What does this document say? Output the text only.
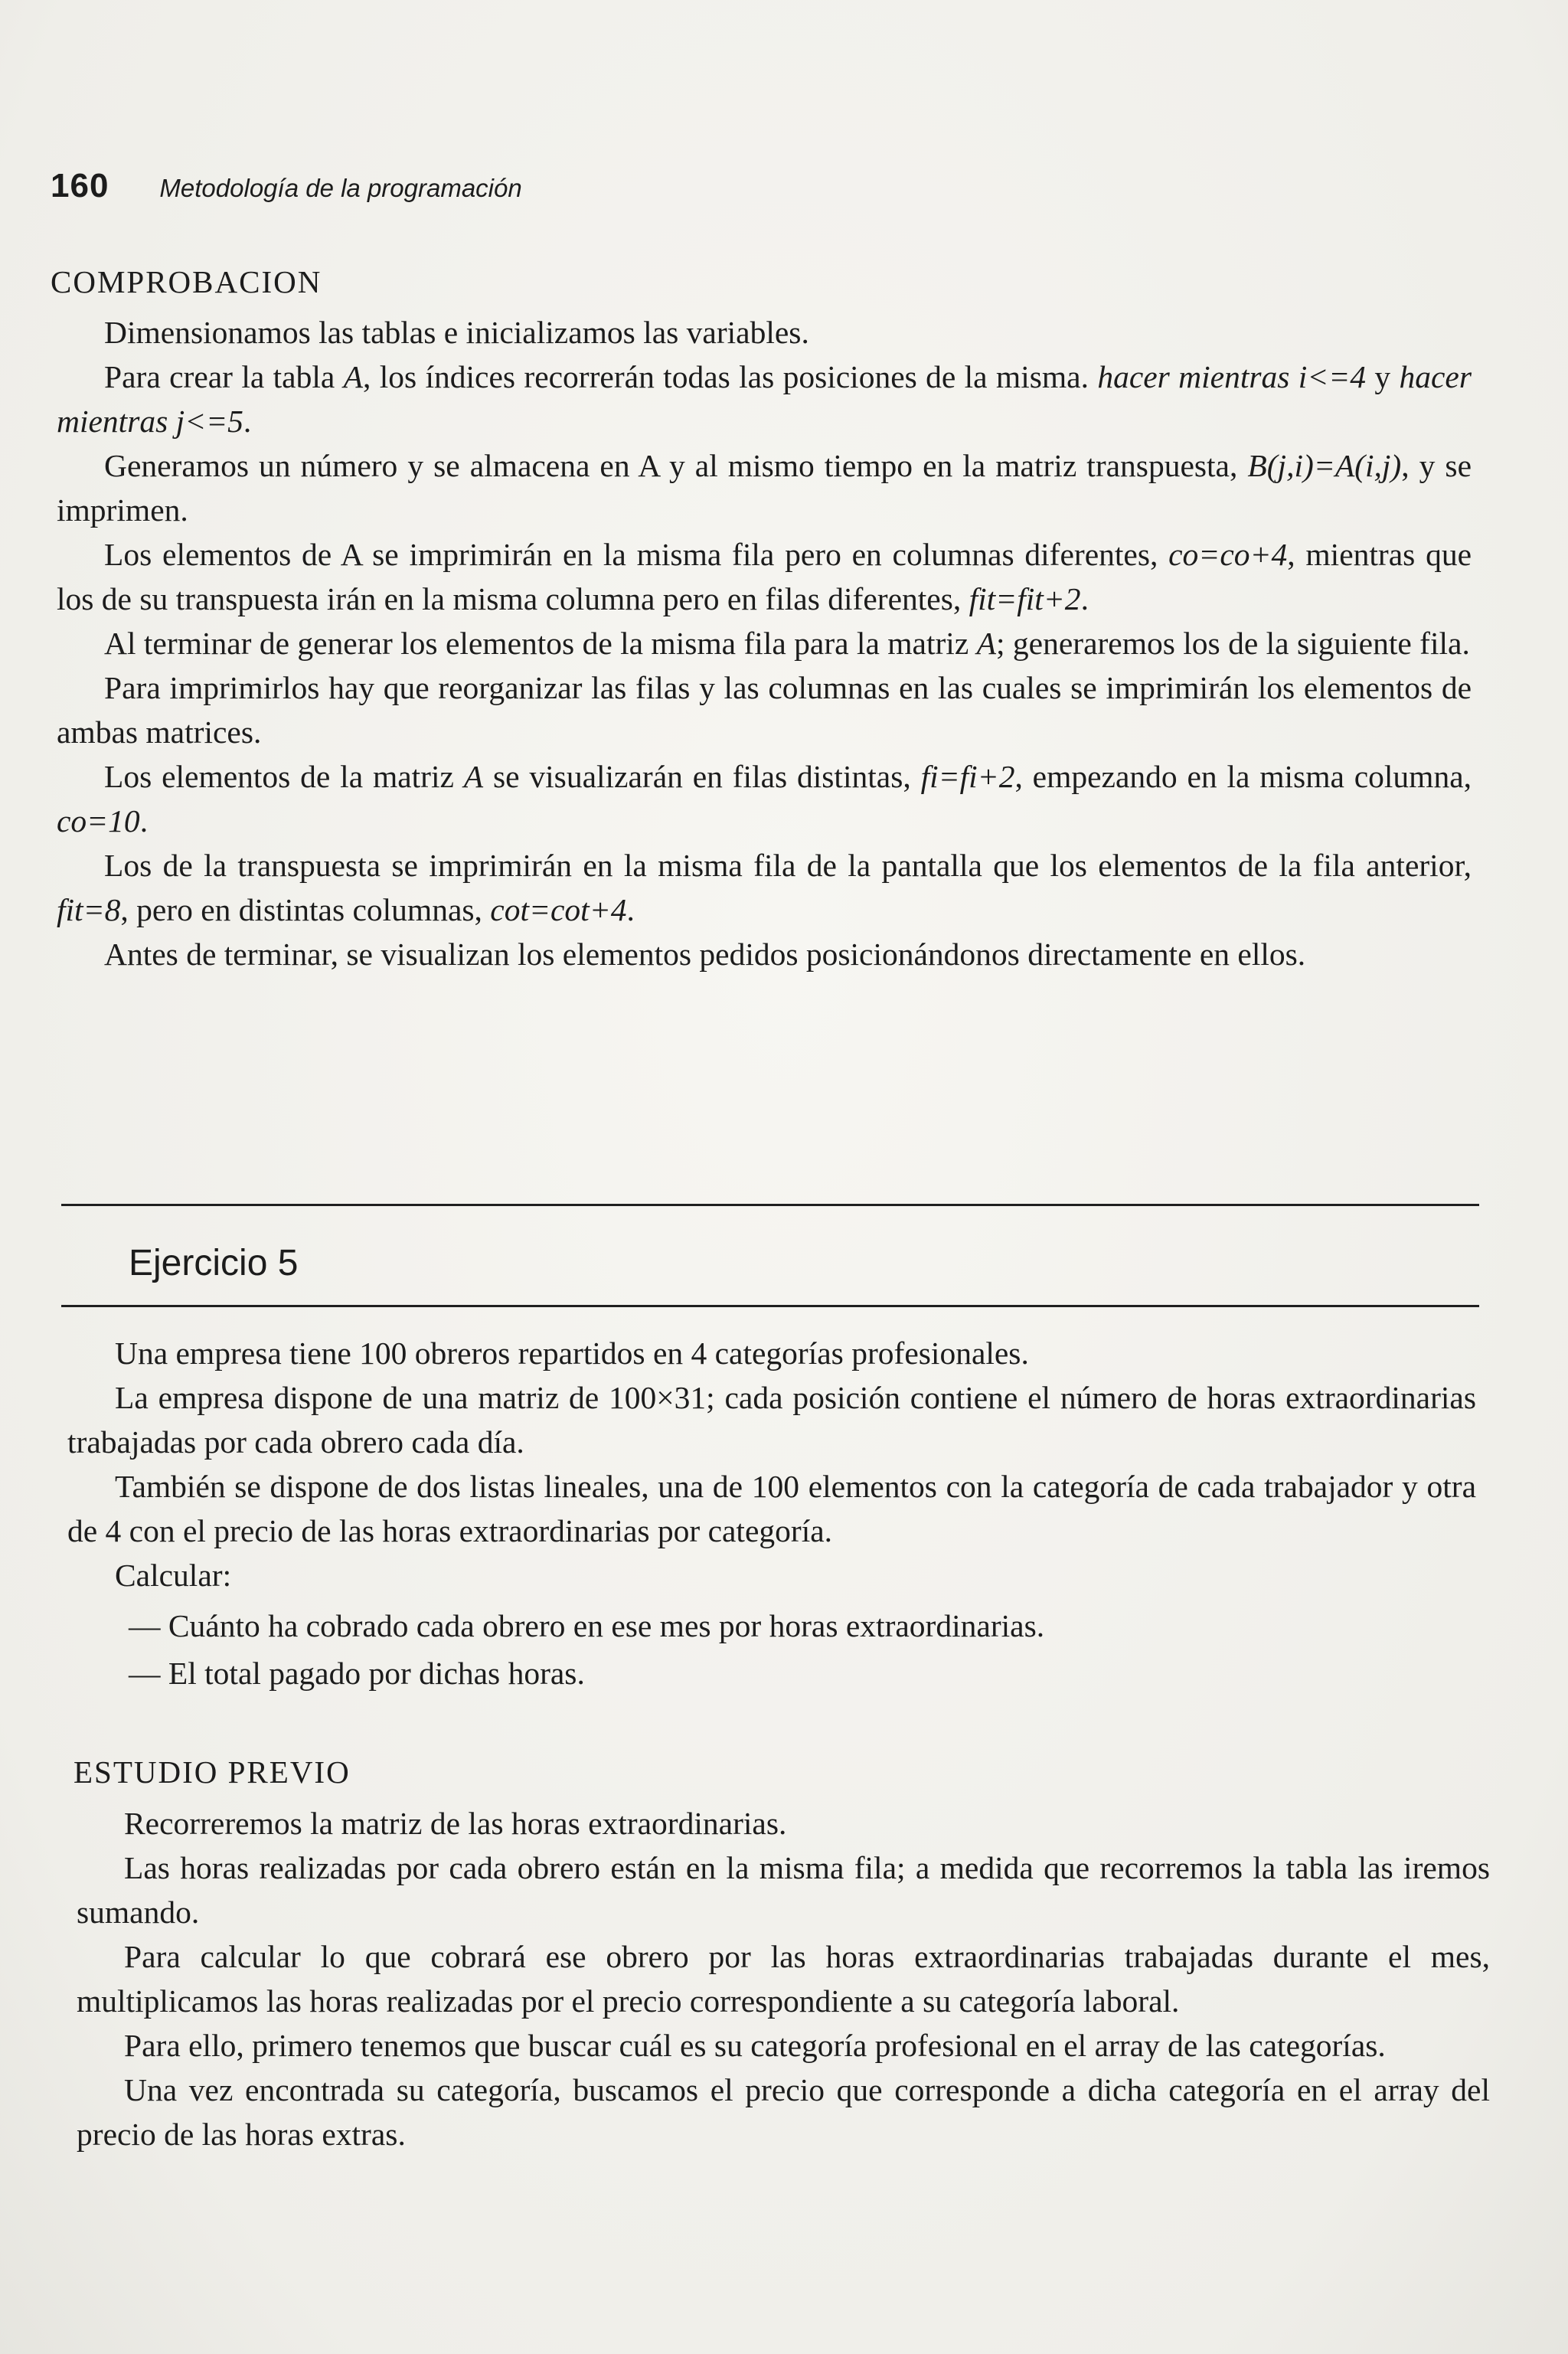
160 Metodología de la programación
COMPROBACION

Dimensionamos las tablas e inicializamos las variables.

Para crear la tabla A, los índices recorrerán todas las posiciones de la misma. hacer mientras i<=4 y hacer mientras j<=5.

Generamos un número y se almacena en A y al mismo tiempo en la matriz transpuesta, B(j,i)=A(i,j), y se imprimen.

Los elementos de A se imprimirán en la misma fila pero en columnas diferentes, co=co+4, mientras que los de su transpuesta irán en la misma columna pero en filas diferentes, fit=fit+2.

Al terminar de generar los elementos de la misma fila para la matriz A; generaremos los de la siguiente fila.

Para imprimirlos hay que reorganizar las filas y las columnas en las cuales se imprimirán los elementos de ambas matrices.

Los elementos de la matriz A se visualizarán en filas distintas, fi=fi+2, empezando en la misma columna, co=10.

Los de la transpuesta se imprimirán en la misma fila de la pantalla que los elementos de la fila anterior, fit=8, pero en distintas columnas, cot=cot+4.

Antes de terminar, se visualizan los elementos pedidos posicionándonos directamente en ellos.

Ejercicio 5

Una empresa tiene 100 obreros repartidos en 4 categorías profesionales.

La empresa dispone de una matriz de 100×31; cada posición contiene el número de horas extraordinarias trabajadas por cada obrero cada día.

También se dispone de dos listas lineales, una de 100 elementos con la categoría de cada trabajador y otra de 4 con el precio de las horas extraordinarias por categoría.

Calcular:

— Cuánto ha cobrado cada obrero en ese mes por horas extraordinarias.
— El total pagado por dichas horas.
ESTUDIO PREVIO

Recorreremos la matriz de las horas extraordinarias.

Las horas realizadas por cada obrero están en la misma fila; a medida que recorremos la tabla las iremos sumando.

Para calcular lo que cobrará ese obrero por las horas extraordinarias trabajadas durante el mes, multiplicamos las horas realizadas por el precio correspondiente a su categoría laboral.

Para ello, primero tenemos que buscar cuál es su categoría profesional en el array de las categorías.

Una vez encontrada su categoría, buscamos el precio que corresponde a dicha categoría en el array del precio de las horas extras.
